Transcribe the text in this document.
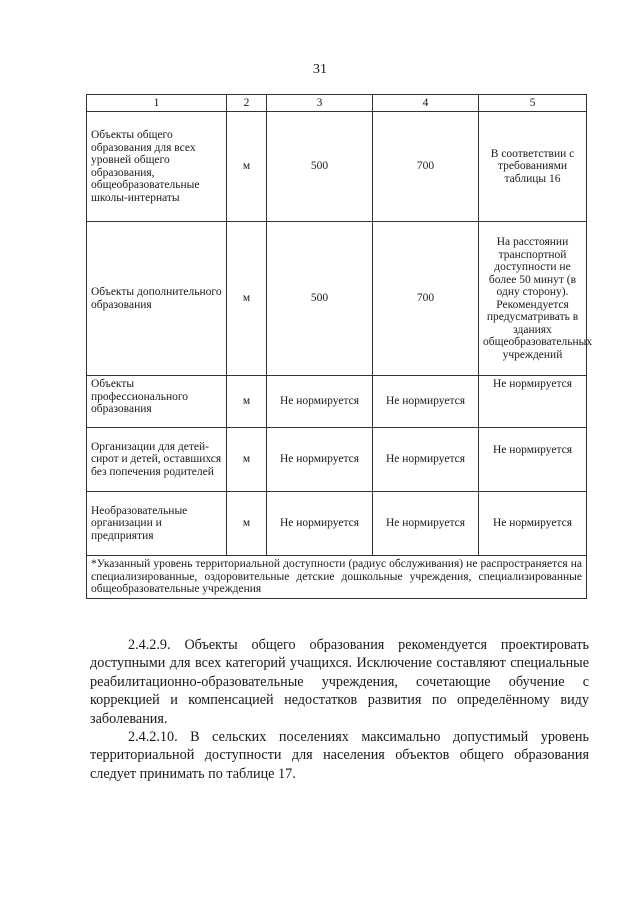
31
1	2	3	4	5
Объекты общего образования для всех уровней общего образования, общеобразовательные школы-интернаты	м	500	700	В соответствии с требованиями таблицы 16
Объекты дополнительного образования	м	500	700	На расстоянии транспортной доступности не более 50 минут (в одну сторону). Рекомендуется предусматривать в зданиях общеобразовательных учреждений
Объекты профессионального образования	м	Не нормируется	Не нормируется	Не нормируется
Организации для детей-сирот и детей, оставшихся без попечения родителей	м	Не нормируется	Не нормируется	Не нормируется
Необразовательные организации и предприятия	м	Не нормируется	Не нормируется	Не нормируется
*Указанный уровень территориальной доступности (радиус обслуживания) не распространяется на специализированные, оздоровительные детские дошкольные учреждения, специализированные общеобразовательные учреждения				

2.4.2.9. Объекты общего образования рекомендуется проектировать доступными для всех категорий учащихся. Исключение составляют специальные реабилитационно-образовательные учреждения, сочетающие обучение с коррекцией и компенсацией недостатков развития по определённому виду заболевания.

2.4.2.10. В сельских поселениях максимально допустимый уровень территориальной доступности для населения объектов общего образования следует принимать по таблице 17.
